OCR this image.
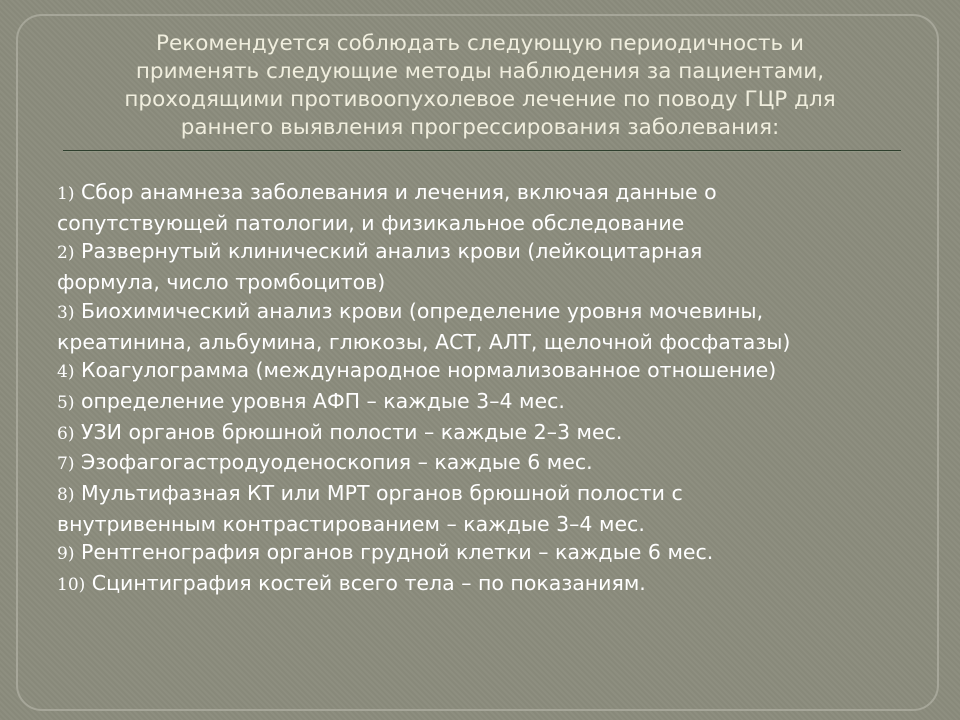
Рекомендуется соблюдать следующую периодичность и
применять следующие методы наблюдения за пациентами,
проходящими противоопухолевое лечение по поводу ГЦР для
раннего выявления прогрессирования заболевания:
1) Сбор анамнеза заболевания и лечения, включая данные о
сопутствующей патологии, и физикальное обследование
2) Развернутый клинический анализ крови (лейкоцитарная
формула, число тромбоцитов)
3) Биохимический анализ крови (определение уровня мочевины,
креатинина, альбумина, глюкозы, АСТ, АЛТ, щелочной фосфатазы)
4) Коагулограмма (международное нормализованное отношение)
5) определение уровня АФП – каждые 3–4 мес.
6) УЗИ органов брюшной полости – каждые 2–3 мес.
7) Эзофагогастродуоденоскопия – каждые 6 мес.
8) Мультифазная КТ или МРТ органов брюшной полости с
внутривенным контрастированием – каждые 3–4 мес.
9) Рентгенография органов грудной клетки – каждые 6 мес.
10) Сцинтиграфия костей всего тела – по показаниям.
